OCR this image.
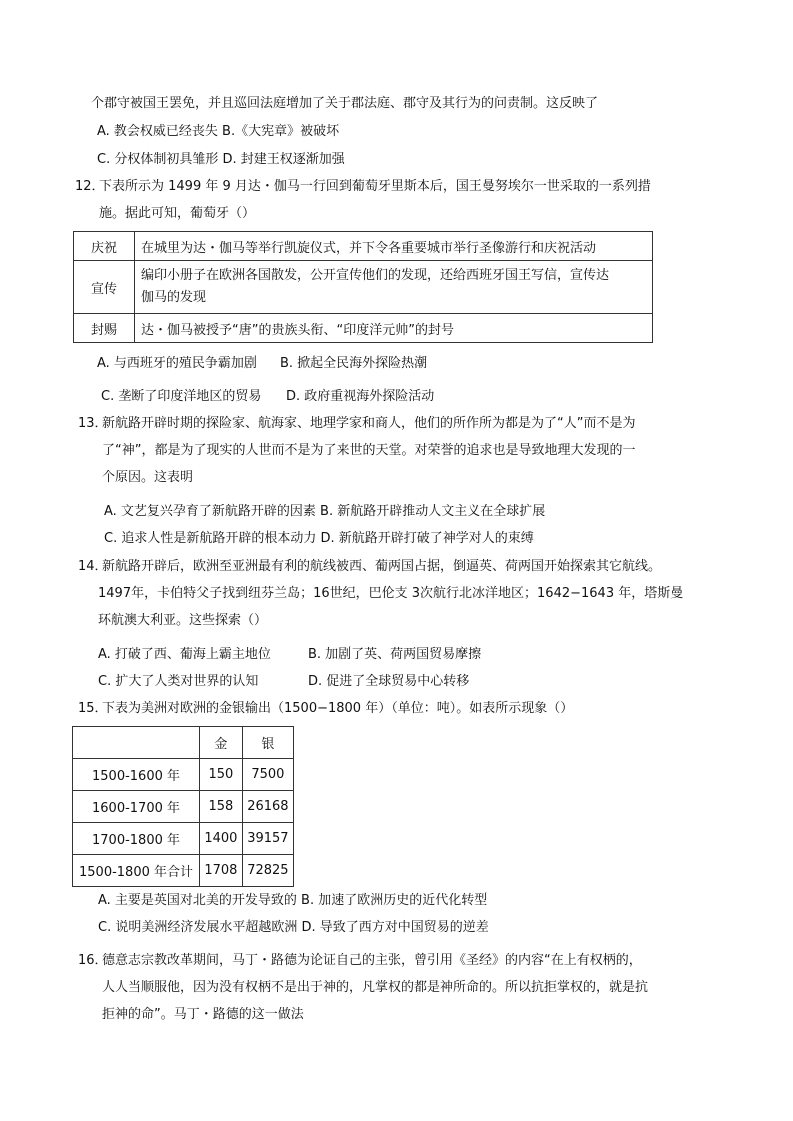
个郡守被国王罢免，并且巡回法庭增加了关于郡法庭、郡守及其行为的问责制。这反映了
A. 教会权威已经丧失 B.《大宪章》被破坏
C. 分权体制初具雏形 D. 封建王权逐渐加强
12．
下表所示为 1499 年 9 月达・伽马一行回到葡萄牙里斯本后，国王曼努埃尔一世采取的一系列措
施。据此可知，葡萄牙（）
庆祝	在城里为达・伽马等举行凯旋仪式，并下令各重要城市举行圣像游行和庆祝活动
宣传	编印小册子在欧洲各国散发，公开宣传他们的发现，还给西班牙国王写信，宣传达
伽马的发现
封赐	达・伽马被授予“唐”的贵族头衔、“印度洋元帅”的封号
A. 与西班牙的殖民争霸加剧 B. 掀起全民海外探险热潮
C. 垄断了印度洋地区的贸易 D. 政府重视海外探险活动
13．
新航路开辟时期的探险家、航海家、地理学家和商人，他们的所作所为都是为了“人”而不是为
了“神”，都是为了现实的人世而不是为了来世的天堂。对荣誉的追求也是导致地理大发现的一
个原因。这表明
A. 文艺复兴孕育了新航路开辟的因素 B. 新航路开辟推动人文主义在全球扩展
C. 追求人性是新航路开辟的根本动力 D. 新航路开辟打破了神学对人的束缚
14．
新航路开辟后，欧洲至亚洲最有利的航线被西、葡两国占据，倒逼英、荷两国开始探索其它航线。
1497年，卡伯特父子找到纽芬兰岛；16世纪，巴伦支 3次航行北冰洋地区；1642−1643 年，塔斯曼
环航澳大利亚。这些探索（）
A. 打破了西、葡海上霸主地位	B. 加剧了英、荷两国贸易摩擦
C. 扩大了人类对世界的认知	D. 促进了全球贸易中心转移
15．
下表为美洲对欧洲的金银输出（1500−1800 年）（单位：吨）。如表所示现象（）
	金	银
1500-1600 年	150	7500
1600-1700 年	158	26168
1700-1800 年	1400	39157
1500-1800 年合计	1708	72825
A. 主要是英国对北美的开发导致的 B. 加速了欧洲历史的近代化转型
C. 说明美洲经济发展水平超越欧洲 D. 导致了西方对中国贸易的逆差
16．
德意志宗教改革期间，马丁・路德为论证自己的主张，曾引用《圣经》的内容“在上有权柄的，
人人当顺服他，因为没有权柄不是出于神的，凡掌权的都是神所命的。所以抗拒掌权的，就是抗
拒神的命”。马丁・路德的这一做法
